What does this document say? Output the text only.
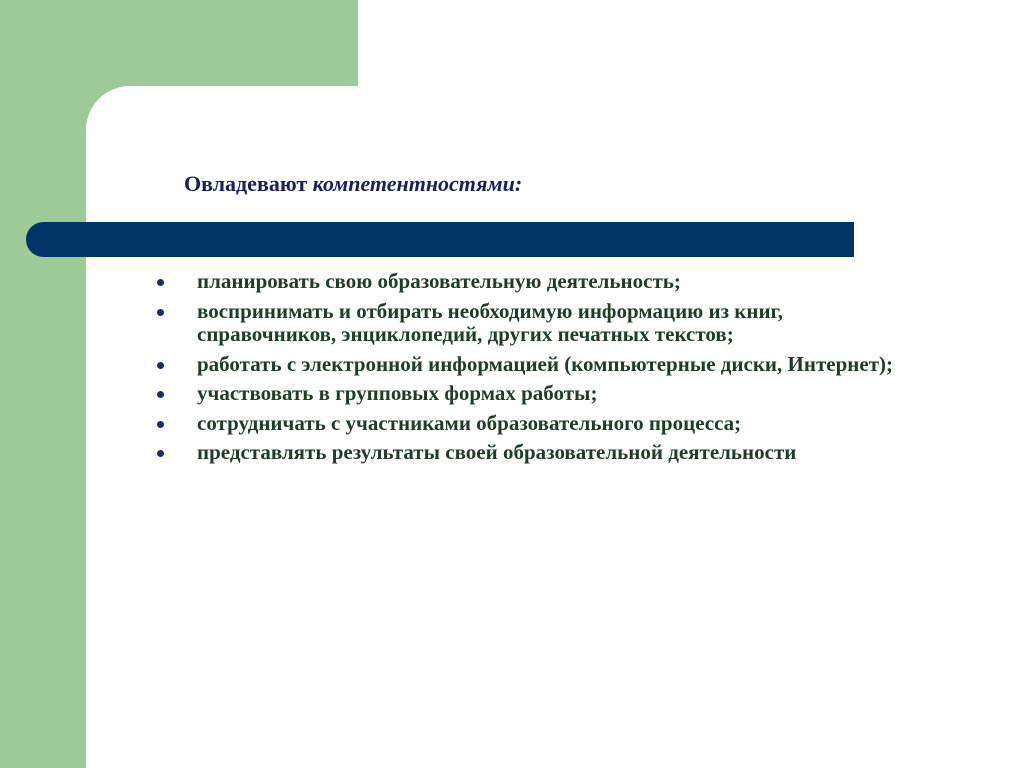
Овладевают компетентностями:
планировать свою образовательную деятельность;
воспринимать и отбирать необходимую информацию из книг, справочников, энциклопедий, других печатных текстов;
работать с электронной информацией (компьютерные диски, Интернет);
участвовать в групповых формах работы;
сотрудничать с участниками образовательного процесса;
представлять результаты своей образовательной деятельности
